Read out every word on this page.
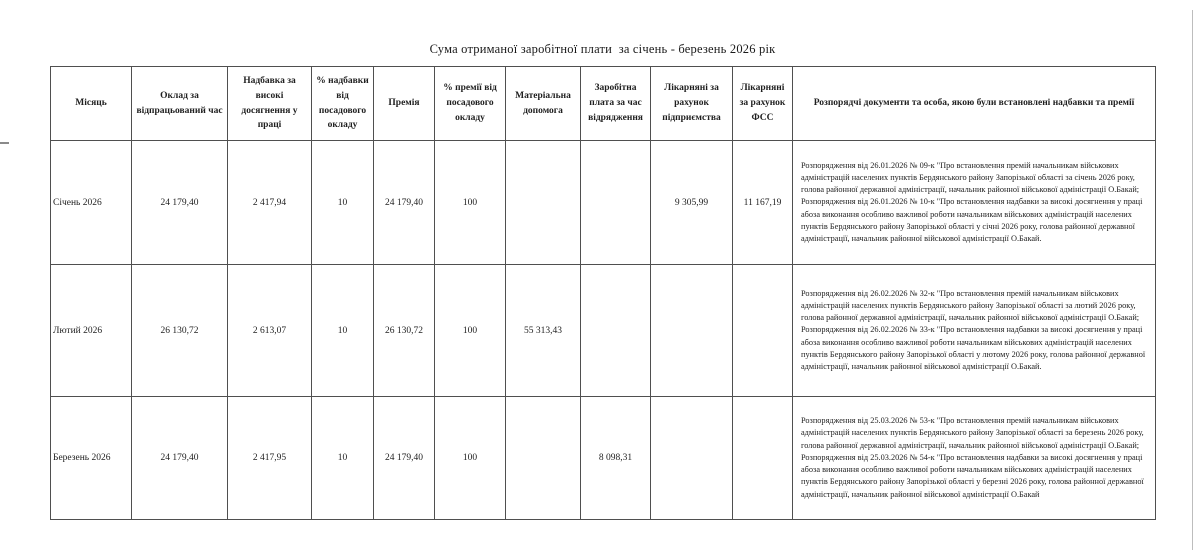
Сума отриманої заробітної плати  за січень - березень 2026 рік
Місяць	Оклад за відпрацьований час	Надбавка за високі досягнення у праці	% надбавки від посадового окладу	Премія	% премії від посадового окладу	Матеріальна допомога	Заробітна плата за час відрядження	Лікарняні за рахунок підприємства	Лікарняні за рахунок ФСС	Розпорядчі документи та особа, якою були встановлені надбавки та премії
Січень 2026	24 179,40	2 417,94	10	24 179,40	100			9 305,99	11 167,19	Розпорядження від 26.01.2026 № 09-к "Про встановлення премій начальникам військових адміністрацій населених пунктів Бердянського району Запорізької області за січень 2026 року, голова районної державної адміністрації, начальник районної військової адміністрації О.Бакай; Розпорядження від 26.01.2026 № 10-к "Про встановлення надбавки за високі досягнення у праці абоза виконання особливо важливої роботи начальникам військових адміністрацій населених пунктів Бердянського району Запорізької області у січні 2026 року, голова районної державної адміністрації, начальник районної військової адміністрації О.Бакай.
Лютий 2026	26 130,72	2 613,07	10	26 130,72	100	55 313,43				Розпорядження від 26.02.2026 № 32-к "Про встановлення премій начальникам військових адміністрацій населених пунктів Бердянського району Запорізької області за лютий 2026 року, голова районної державної адміністрації, начальник районної військової адміністрації О.Бакай; Розпорядження від 26.02.2026 № 33-к "Про встановлення надбавки за високі досягнення у праці абоза виконання особливо важливої роботи начальникам військових адміністрацій населених пунктів Бердянського району Запорізької області у лютому 2026 року, голова районної державної адміністрації, начальник районної військової адміністрації О.Бакай.
Березень 2026	24 179,40	2 417,95	10	24 179,40	100		8 098,31			Розпорядження від 25.03.2026 № 53-к "Про встановлення премій начальникам військових адміністрацій населених пунктів Бердянського району Запорізької області за березень 2026 року, голова районної державної адміністрації, начальник районної військової адміністрації О.Бакай; Розпорядження від 25.03.2026 № 54-к "Про встановлення надбавки за високі досягнення у праці абоза виконання особливо важливої роботи начальникам військових адміністрацій населених пунктів Бердянського району Запорізької області у березні 2026 року, голова районної державної адміністрації, начальник районної військової адміністрації О.Бакай
